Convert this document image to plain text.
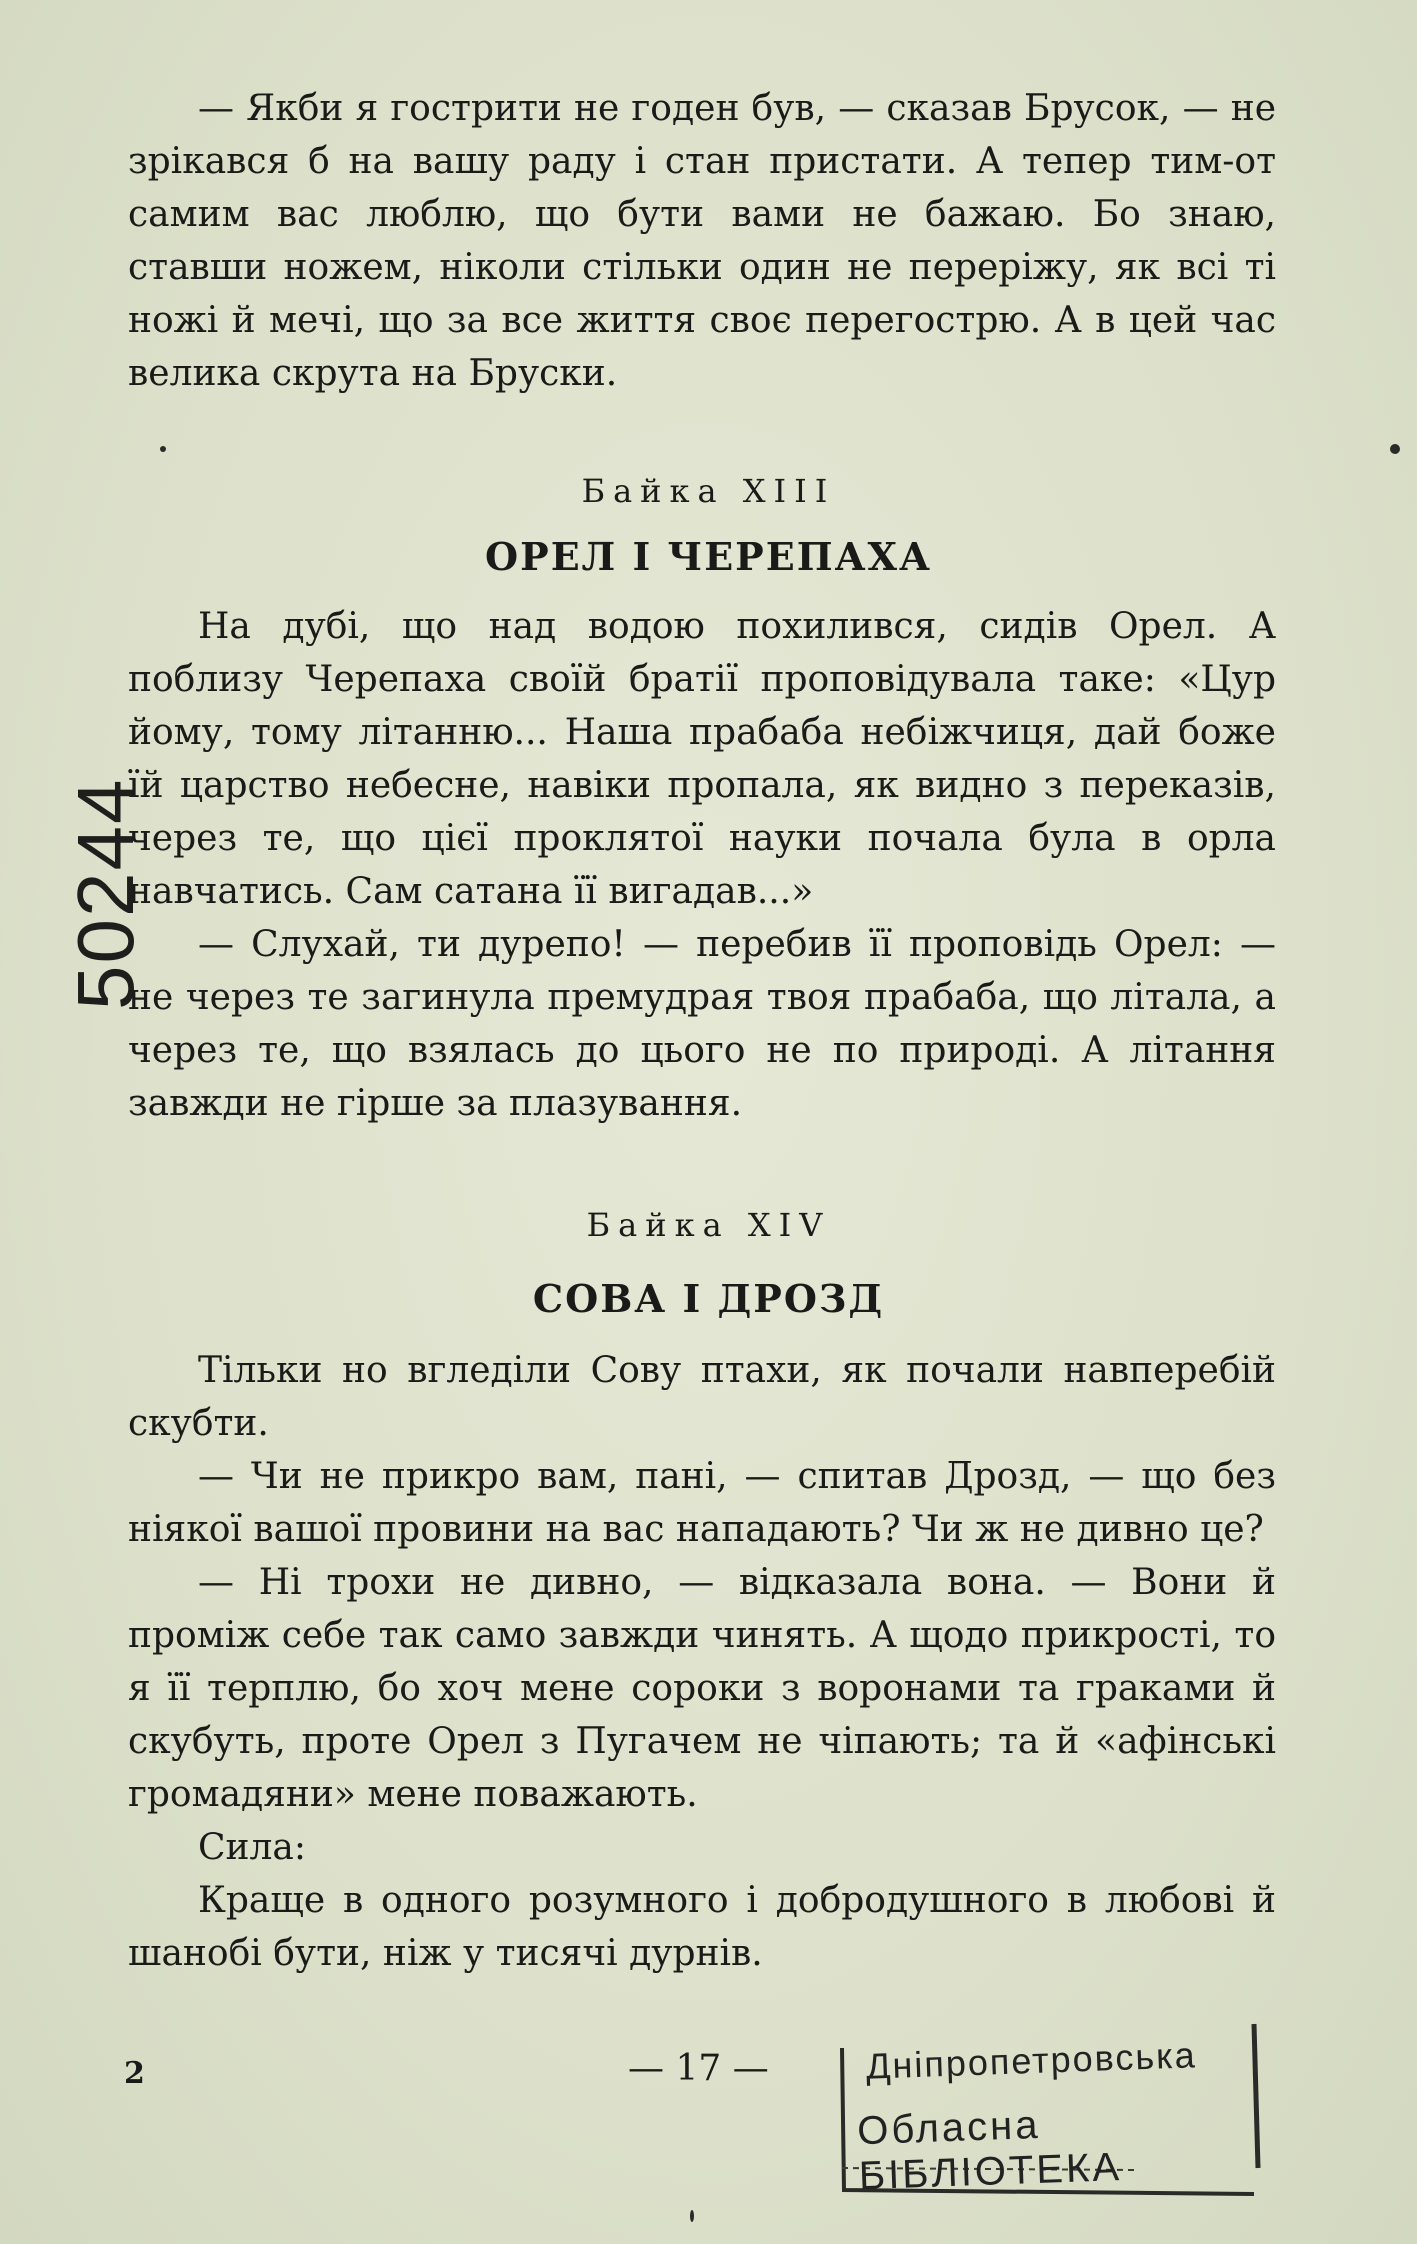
— Якби я гострити не годен був, — сказав Брусок, — не зрікався б на вашу раду і стан пристати. А тепер тим-от самим вас люблю, що бути вами не бажаю. Бо знаю, ставши ножем, ніколи стільки один не переріжу, як всі ті ножі й мечі, що за все життя своє перегострю. А в цей час велика скрута на Бруски.

Байка XIII
ОРЕЛ І ЧЕРЕПАХА

На дубі, що над водою похилився, сидів Орел. А поблизу Черепаха своїй братії проповідувала таке: «Цур йому, тому літанню... Наша прабаба небіжчиця, дай боже їй царство небесне, навіки пропала, як видно з переказів, через те, що цієї проклятої науки почала була в орла навчатись. Сам сатана її вигадав...»

— Слухай, ти дурепо! — перебив її проповідь Орел: — не через те загинула премудрая твоя прабаба, що літала, а через те, що взялась до цього не по природі. А літання завжди не гірше за плазування.

Байка XIV
СОВА І ДРОЗД

Тільки но вгледіли Сову птахи, як почали навперебій скубти.

— Чи не прикро вам, пані, — спитав Дрозд, — що без ніякої вашої провини на вас нападають? Чи ж не дивно це?

— Ні трохи не дивно, — відказала вона. — Вони й проміж себе так само завжди чинять. А щодо прикрості, то я її терплю, бо хоч мене сороки з воронами та граками й скубуть, проте Орел з Пугачем не чіпають; та й «афінські громадяни» мене поважають.

Сила:

Краще в одного розумного і добродушного в любові й шанобі бути, ніж у тисячі дурнів.

2	— 17 —
50244
Дніпропетровська
Обласна БІБЛІОТЕКА
